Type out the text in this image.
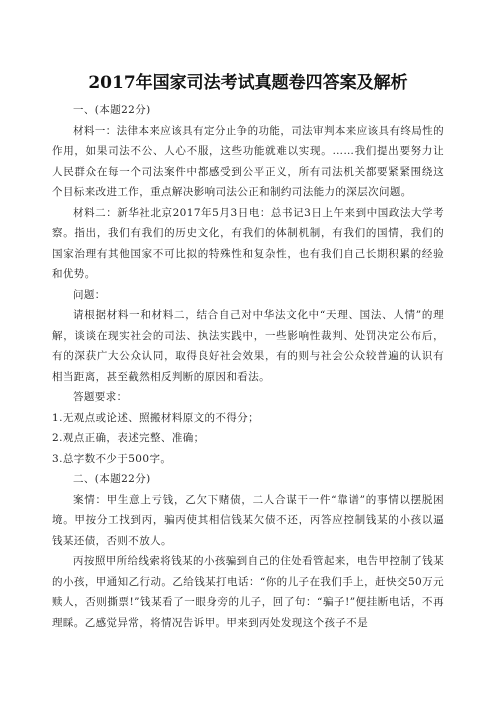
2017年国家司法考试真题卷四答案及解析

一、(本题22分)

材料一：法律本来应该具有定分止争的功能，司法审判本来应该具有终局性的作用，如果司法不公、人心不服，这些功能就难以实现。……我们提出要努力让人民群众在每一个司法案件中都感受到公平正义，所有司法机关都要紧紧围绕这个目标来改进工作，重点解决影响司法公正和制约司法能力的深层次问题。

材料二：新华社北京2017年5月3日电：总书记3日上午来到中国政法大学考察。指出，我们有我们的历史文化，有我们的体制机制，有我们的国情，我们的国家治理有其他国家不可比拟的特殊性和复杂性，也有我们自己长期积累的经验和优势。

问题：

请根据材料一和材料二，结合自己对中华法文化中“天理、国法、人情”的理解，谈谈在现实社会的司法、执法实践中，一些影响性裁判、处罚决定公布后，有的深获广大公众认同，取得良好社会效果，有的则与社会公众较普遍的认识有相当距离，甚至截然相反判断的原因和看法。

答题要求：

1.无观点或论述、照搬材料原文的不得分；

2.观点正确，表述完整、准确；

3.总字数不少于500字。

二、(本题22分)

案情：甲生意上亏钱，乙欠下赌债，二人合谋干一件“靠谱”的事情以摆脱困境。甲按分工找到丙，骗丙使其相信钱某欠债不还，丙答应控制钱某的小孩以逼钱某还债，否则不放人。

丙按照甲所给线索将钱某的小孩骗到自己的住处看管起来，电告甲控制了钱某的小孩，甲通知乙行动。乙给钱某打电话：“你的儿子在我们手上，赶快交50万元赎人，否则撕票!”钱某看了一眼身旁的儿子，回了句：“骗子!”便挂断电话，不再理睬。乙感觉异常，将情况告诉甲。甲来到丙处发现这个孩子不是
